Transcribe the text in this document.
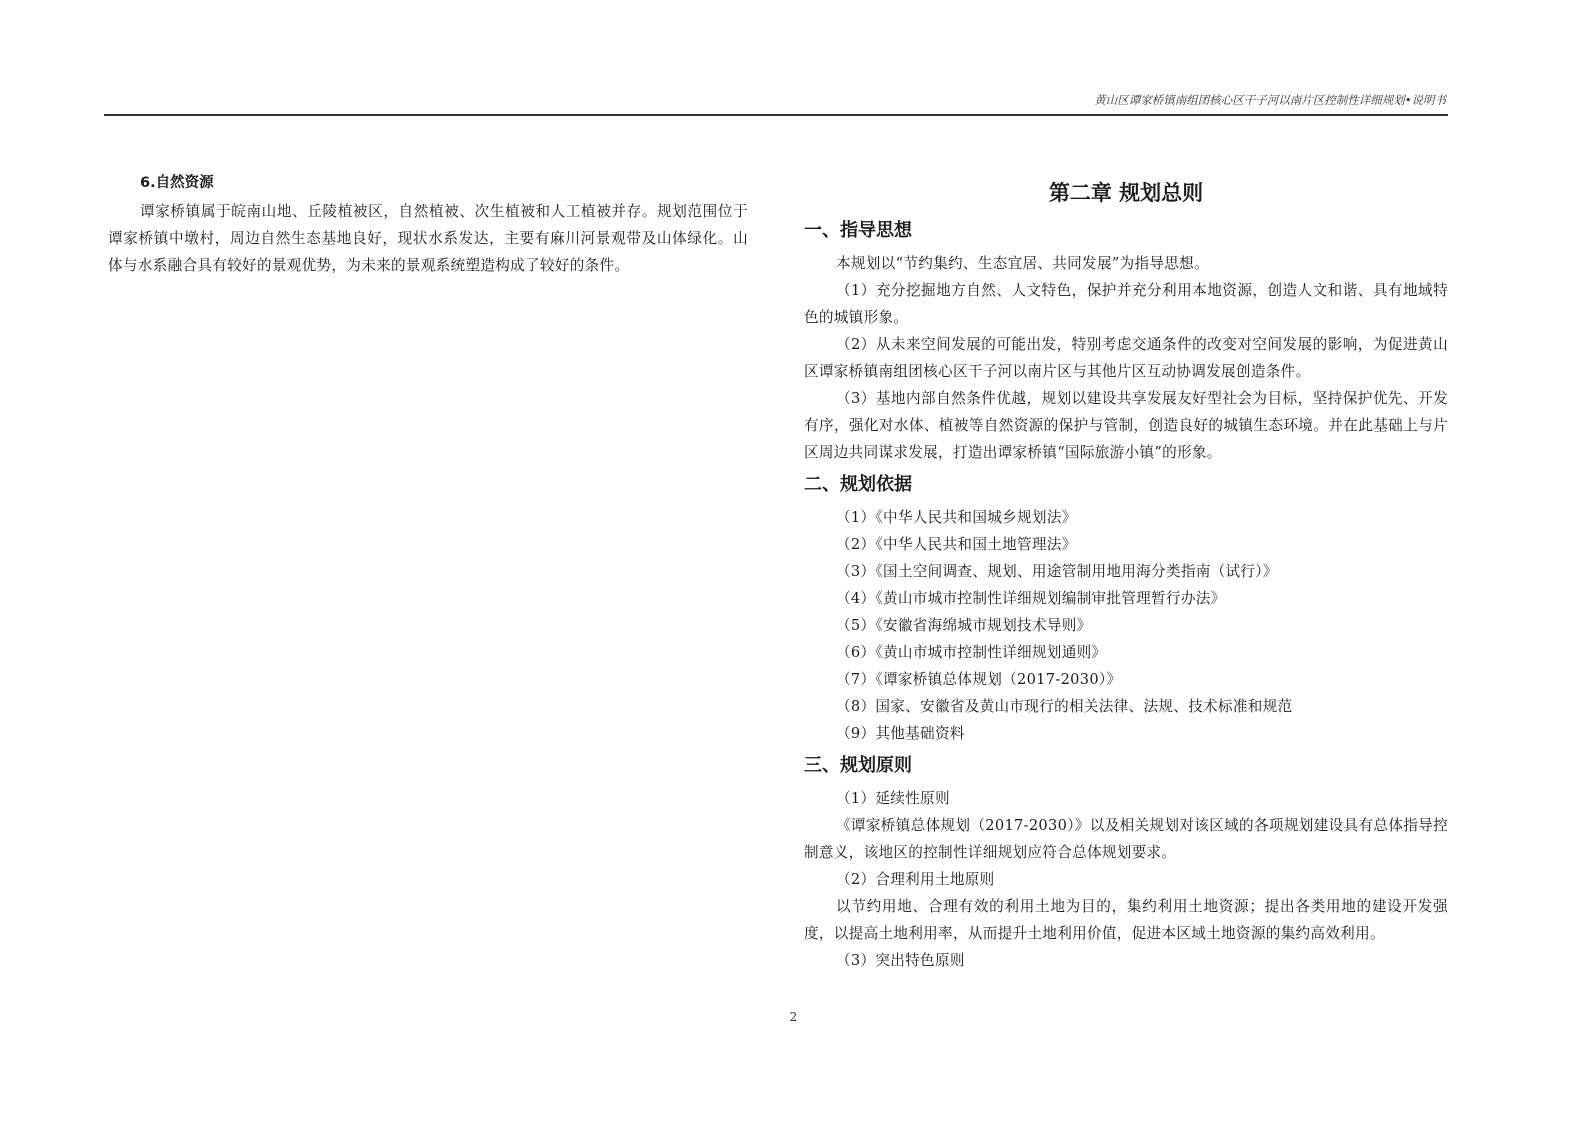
黄山区谭家桥镇南组团核心区干子河以南片区控制性详细规划•说明书
6.自然资源

谭家桥镇属于皖南山地、丘陵植被区，自然植被、次生植被和人工植被并存。规划范围位于谭家桥镇中墩村，周边自然生态基地良好，现状水系发达，主要有麻川河景观带及山体绿化。山体与水系融合具有较好的景观优势，为未来的景观系统塑造构成了较好的条件。

第二章 规划总则
一、指导思想

本规划以“节约集约、生态宜居、共同发展”为指导思想。

（1）充分挖掘地方自然、人文特色，保护并充分利用本地资源，创造人文和谐、具有地域特色的城镇形象。

（2）从未来空间发展的可能出发，特别考虑交通条件的改变对空间发展的影响，为促进黄山区谭家桥镇南组团核心区干子河以南片区与其他片区互动协调发展创造条件。

（3）基地内部自然条件优越，规划以建设共享发展友好型社会为目标，坚持保护优先、开发有序，强化对水体、植被等自然资源的保护与管制，创造良好的城镇生态环境。并在此基础上与片区周边共同谋求发展，打造出谭家桥镇“国际旅游小镇”的形象。

二、规划依据

（1）《中华人民共和国城乡规划法》

（2）《中华人民共和国土地管理法》

（3）《国土空间调查、规划、用途管制用地用海分类指南（试行）》

（4）《黄山市城市控制性详细规划编制审批管理暂行办法》

（5）《安徽省海绵城市规划技术导则》

（6）《黄山市城市控制性详细规划通则》

（7）《谭家桥镇总体规划（2017-2030）》

（8）国家、安徽省及黄山市现行的相关法律、法规、技术标准和规范

（9）其他基础资料

三、规划原则

（1）延续性原则

《谭家桥镇总体规划（2017-2030）》以及相关规划对该区域的各项规划建设具有总体指导控制意义，该地区的控制性详细规划应符合总体规划要求。

（2）合理利用土地原则

以节约用地、合理有效的利用土地为目的，集约利用土地资源；提出各类用地的建设开发强度，以提高土地利用率，从而提升土地利用价值，促进本区域土地资源的集约高效利用。

（3）突出特色原则

2
